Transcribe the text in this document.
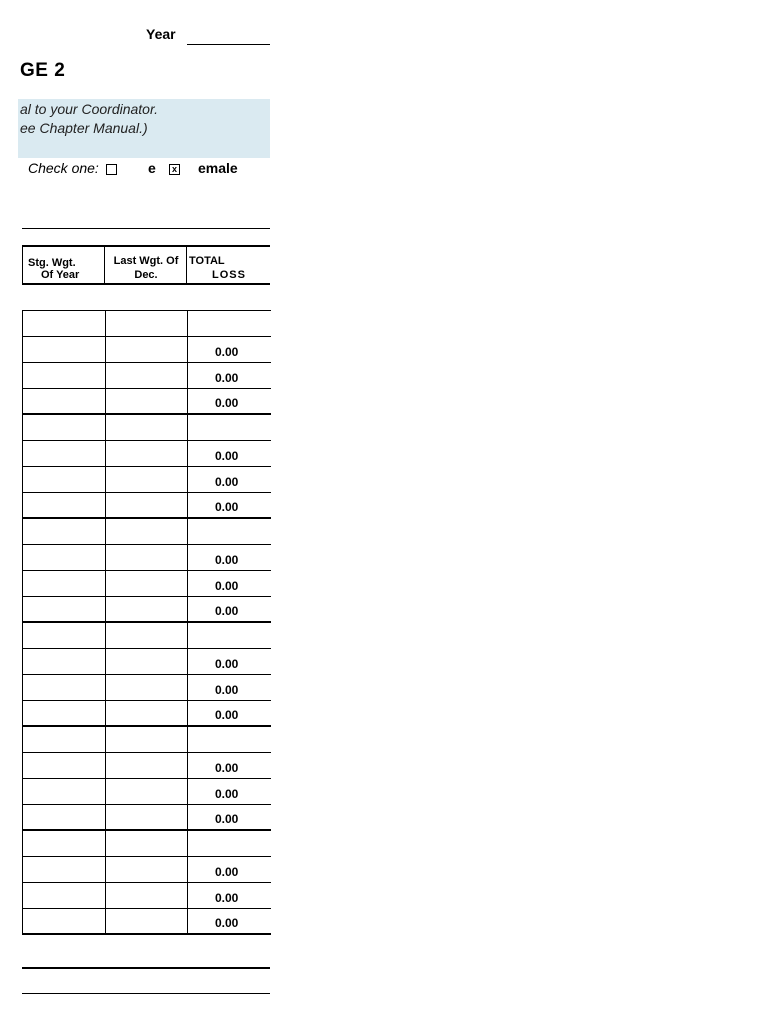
Year
GE 2
al to your Coordinator.
ee Chapter Manual.)
Check one:	e	x emale
Stg. Wgt.
Of Year
Last Wgt. Of
Dec.
TOTAL
LOSS
0.00
0.00
0.00
0.00
0.00
0.00
0.00
0.00
0.00
0.00
0.00
0.00
0.00
0.00
0.00
0.00
0.00
0.00
